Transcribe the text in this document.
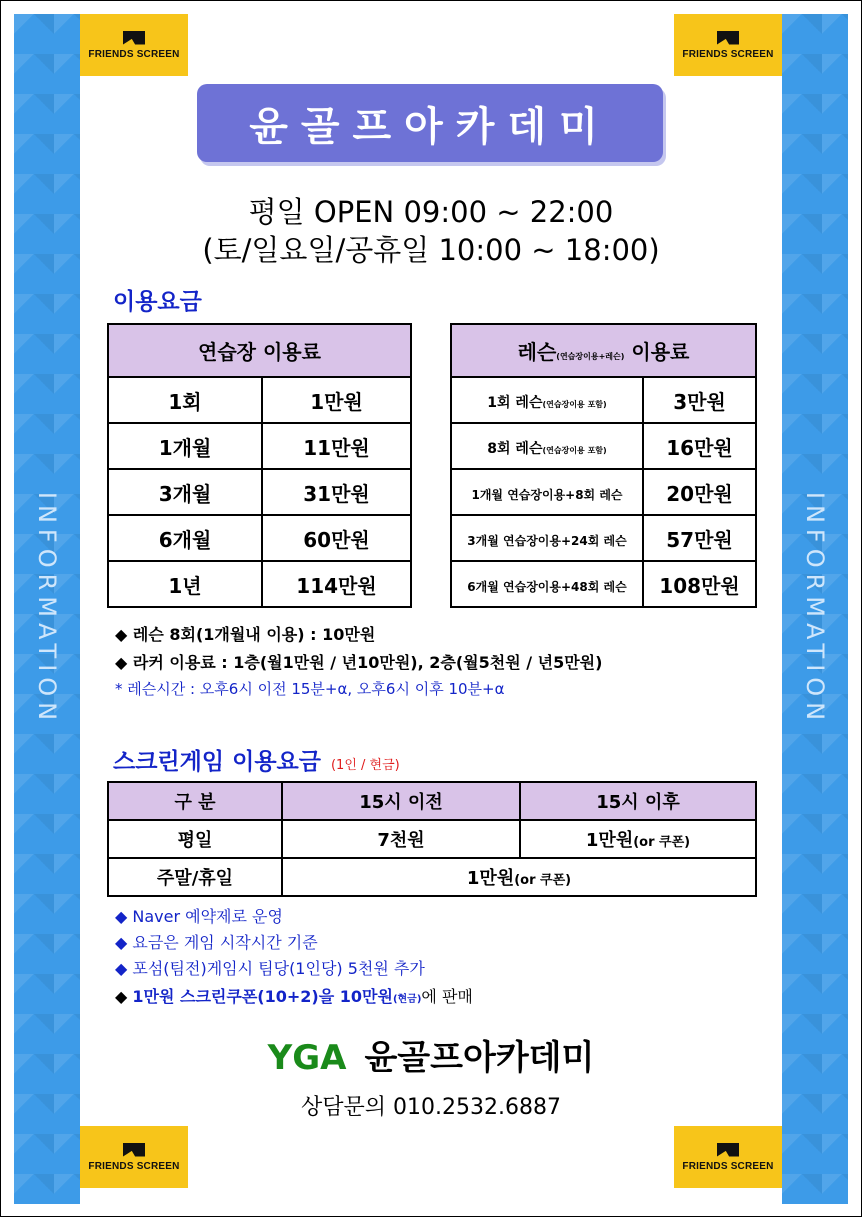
INFORMATION	INFORMATION
FRIENDS SCREEN	FRIENDS SCREEN
FRIENDS SCREEN	FRIENDS SCREEN
윤골프아카데미
평일 OPEN 09:00 ~ 22:00
(토/일요일/공휴일 10:00 ~ 18:00)
이용요금
연습장 이용료	
1회	1만원
1개월	11만원
3개월	31만원
6개월	60만원
1년	114만원
레슨(연습장이용+레슨) 이용료	
1회 레슨(연습장이용 포함)	3만원
8회 레슨(연습장이용 포함)	16만원
1개월 연습장이용+8회 레슨	20만원
3개월 연습장이용+24회 레슨	57만원
6개월 연습장이용+48회 레슨	108만원
◆ 레슨 8회(1개월내 이용) : 10만원
◆ 라커 이용료 : 1층(월1만원 / 년10만원), 2층(월5천원 / 년5만원)
* 레슨시간 : 오후6시 이전 15분+α, 오후6시 이후 10분+α
스크린게임 이용요금 (1인 / 현금)
구 분	15시 이전	15시 이후
평일	7천원	1만원(or 쿠폰)
주말/휴일	1만원(or 쿠폰)	
◆ Naver 예약제로 운영
◆ 요금은 게임 시작시간 기준
◆ 포섬(팀전)게임시 팀당(1인당) 5천원 추가
◆ 1만원 스크린쿠폰(10+2)을 10만원(현금)에 판매
YGA 윤골프아카데미
상담문의 010.2532.6887
